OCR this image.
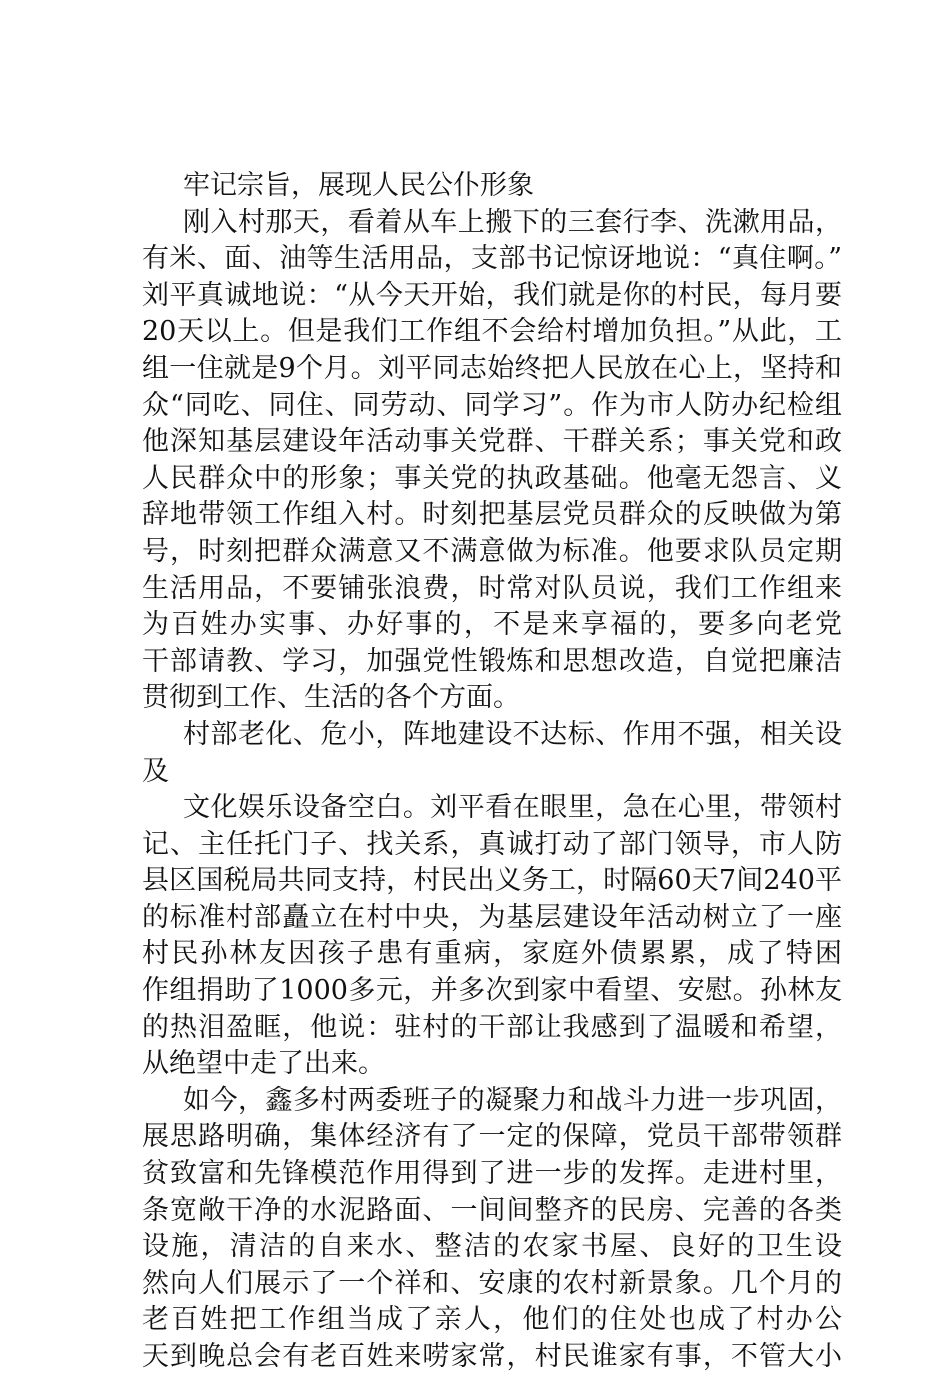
牢记宗旨，展现人民公仆形象
刚入村那天，看着从车上搬下的三套行李、洗漱用品，
有米、面、油等生活用品，支部书记惊讶地说：“真住啊。”
刘平真诚地说：“从今天开始，我们就是你的村民，每月要
20天以上。但是我们工作组不会给村增加负担。”从此，工
组一住就是9个月。刘平同志始终把人民放在心上，坚持和
众“同吃、同住、同劳动、同学习”。作为市人防办纪检组
他深知基层建设年活动事关党群、干群关系；事关党和政
人民群众中的形象；事关党的执政基础。他毫无怨言、义
辞地带领工作组入村。时刻把基层党员群众的反映做为第
号，时刻把群众满意又不满意做为标准。他要求队员定期
生活用品，不要铺张浪费，时常对队员说，我们工作组来
为百姓办实事、办好事的，不是来享福的，要多向老党
干部请教、学习，加强党性锻炼和思想改造，自觉把廉洁
贯彻到工作、生活的各个方面。
村部老化、危小，阵地建设不达标、作用不强，相关设
及
文化娱乐设备空白。刘平看在眼里，急在心里，带领村
记、主任托门子、找关系，真诚打动了部门领导，市人防
县区国税局共同支持，村民出义务工，时隔60天7间240平
的标准村部矗立在村中央，为基层建设年活动树立了一座
村民孙林友因孩子患有重病，家庭外债累累，成了特困
作组捐助了1000多元，并多次到家中看望、安慰。孙林友
的热泪盈眶，他说：驻村的干部让我感到了温暖和希望，
从绝望中走了出来。
如今，鑫多村两委班子的凝聚力和战斗力进一步巩固，
展思路明确，集体经济有了一定的保障，党员干部带领群
贫致富和先锋模范作用得到了进一步的发挥。走进村里，
条宽敞干净的水泥路面、一间间整齐的民房、完善的各类
设施，清洁的自来水、整洁的农家书屋、良好的卫生设
然向人们展示了一个祥和、安康的农村新景象。几个月的
老百姓把工作组当成了亲人，他们的住处也成了村办公
天到晚总会有老百姓来唠家常，村民谁家有事，不管大小
